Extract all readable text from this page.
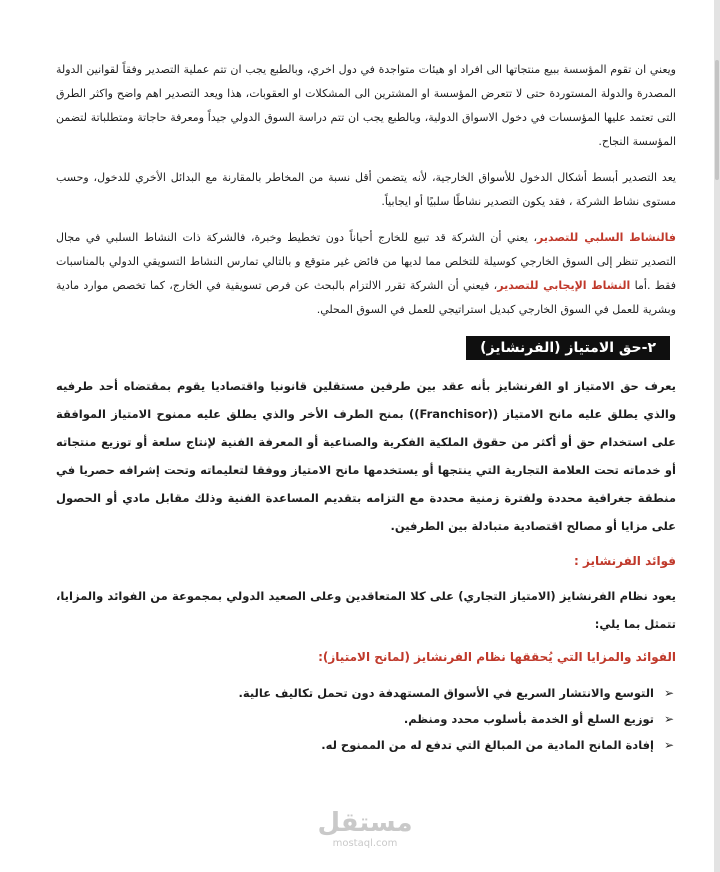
ويعني ان تقوم المؤسسة ببيع منتجاتها الى افراد او هيئات متواجدة في دول اخري، وبالطبع يجب ان تتم عملية التصدير وفقاً لقوانين الدولة المصدرة والدولة المستوردة حتى لا تتعرض المؤسسة او المشترين الى المشكلات او العقوبات، هذا ويعد التصدير اهم واضح واكثر الطرق التى تعتمد عليها المؤسسات في دخول الاسواق الدولية، وبالطبع يجب ان تتم دراسة السوق الدولي جيداً ومعرفة حاجاتة ومتطلباتة لتضمن المؤسسة النجاح.

يعد التصدير أبسط أشكال الدخول للأسواق الخارجية، لأنه يتضمن أقل نسبة من المخاطر بالمقارنة مع البدائل الأخري للدخول، وحسب مستوى نشاط الشركة ، فقد يكون التصدير نشاطًا سلبيًا أو ايجابياً.

فالنشاط السلبي للتصدير، يعني أن الشركة قد تبيع للخارج أحياناً دون تخطيط وخبرة، فالشركة ذات النشاط السلبي في مجال التصدير تنظر إلى السوق الخارجي كوسيلة للتخلص مما لديها من فائض غير متوقع و بالتالي تمارس النشاط التسويقي الدولي بالمناسبات فقط .أما النشاط الإيجابي للتصدير، فيعني أن الشركة تقرر الالتزام بالبحث عن فرص تسويقية في الخارج، كما تخصص موارد مادية وبشرية للعمل في السوق الخارجي كبديل استراتيجي للعمل في السوق المحلي.

٢-حق الامتياز (الفرنشايز)

يعرف حق الامتياز او الفرنشايز بأنه عقد بين طرفين مستقلين قانونيا واقتصاديا يقوم بمقتضاه أحد طرفيه والذي يطلق عليه مانح الامتياز ((Franchisor)) بمنح الطرف الأخر والذي يطلق عليه ممنوح الامتياز الموافقة على استخدام حق أو أكثر من حقوق الملكية الفكرية والصناعية أو المعرفة الفنية لإنتاج سلعة أو توزيع منتجاته أو خدماته تحت العلامة التجارية التي ينتجها أو يستخدمها مانح الامتياز ووفقا لتعليماته وتحت إشرافه حصريا في منطقة جغرافية محددة ولفترة زمنية محددة مع التزامه بتقديم المساعدة الفنية وذلك مقابل مادي أو الحصول على مزايا أو مصالح اقتصادية متبادلة بين الطرفين.

فوائد الفرنشايز :

يعود نظام الفرنشايز (الامتياز التجاري) على كلا المتعاقدين وعلى الصعيد الدولي بمجموعة من الفوائد والمزايا، تتمثل بما يلي:

الفوائد والمزايا التي يُحققها نظام الفرنشايز (لمانح الامتياز):

➢
التوسع والانتشار السريع في الأسواق المستهدفة دون تحمل تكاليف عالية.
➢
توزيع السلع أو الخدمة بأسلوب محدد ومنظم.
➢
إفادة المانح المادية من المبالغ التي تدفع له من الممنوح له.
مستقل
mostaql.com
